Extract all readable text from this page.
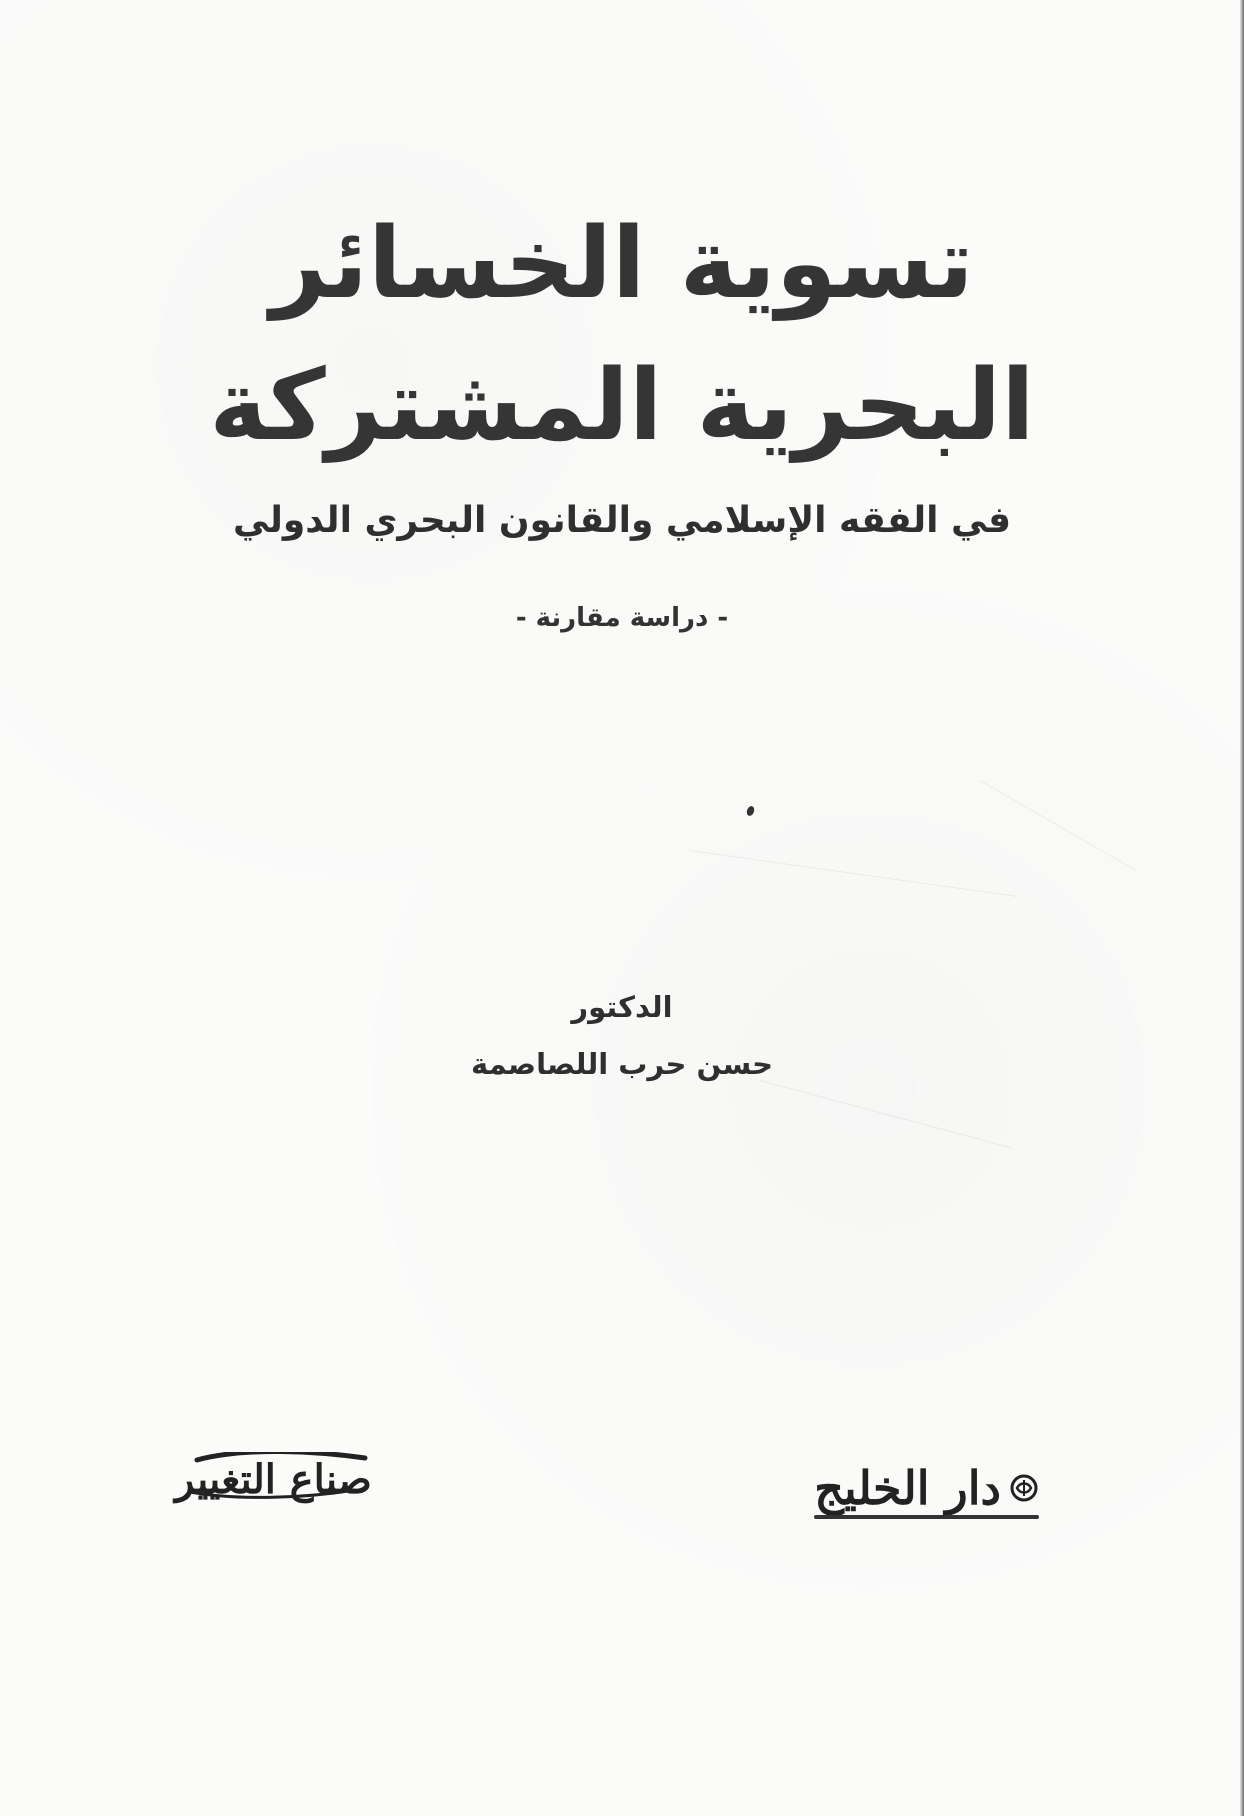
تسوية الخسائر
البحرية المشتركة
في الفقه الإسلامي والقانون البحري الدولي
- دراسة مقارنة -
الدكتور
حسن حرب اللصاصمة
دار الخليج
صناع التغيير
